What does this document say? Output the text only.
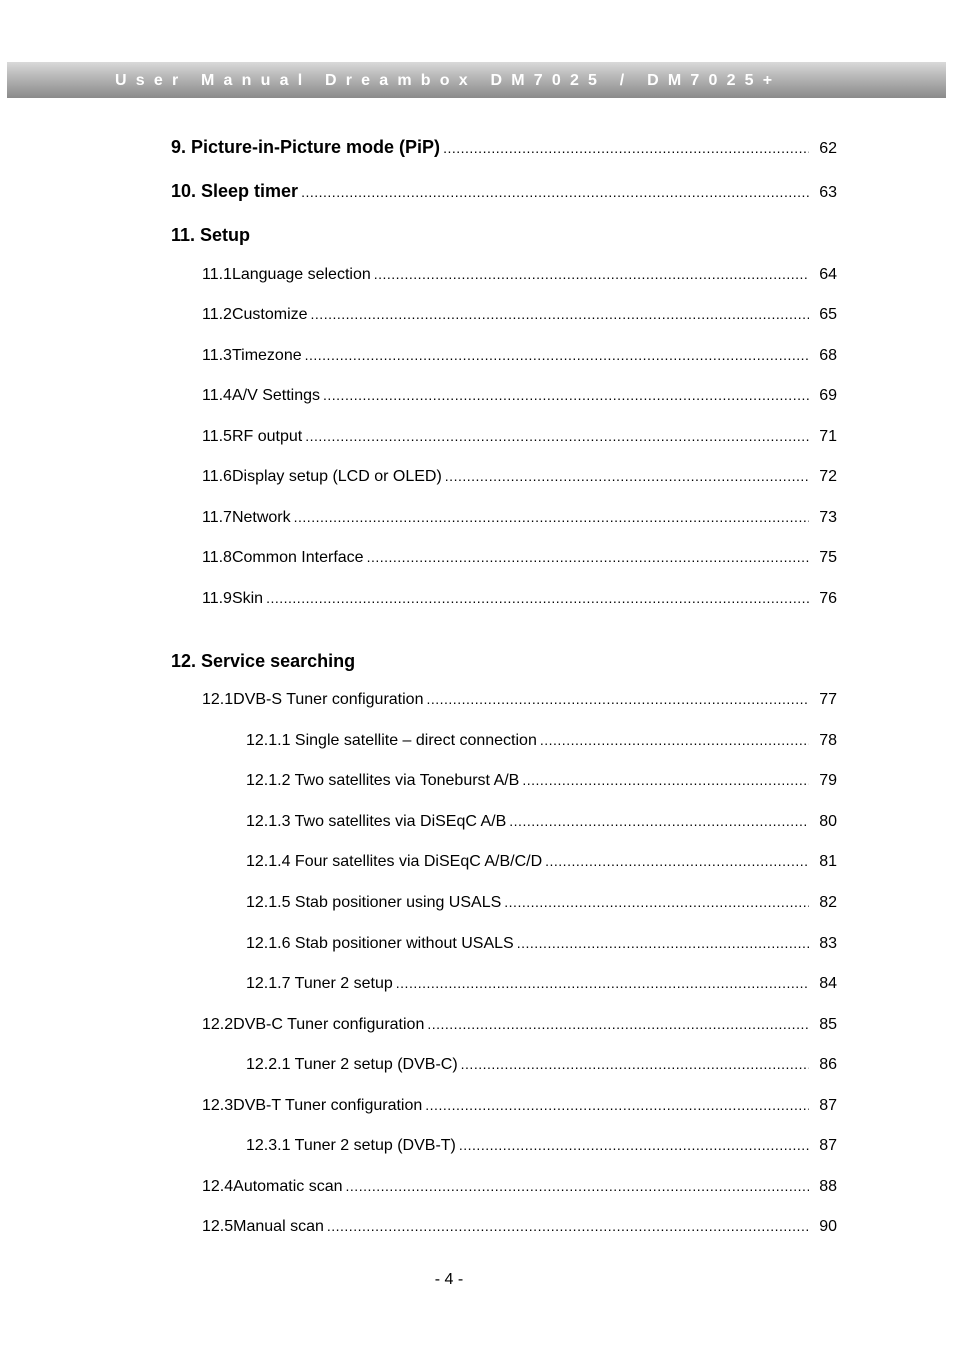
User Manual Dreambox DM7025 / DM7025+
9. Picture-in-Picture mode (PiP) .....	62
10. Sleep timer .....	63
11. Setup
11.1 Language selection .....	64
11.2 Customize .....	65
11.3 Timezone .....	68
11.4 A/V Settings .....	69
11.5 RF output .....	71
11.6 Display setup (LCD or OLED) .....	72
11.7 Network .....	73
11.8 Common Interface .....	75
11.9 Skin .....	76
12. Service searching
12.1 DVB-S Tuner configuration .....	77
12.1.1 Single satellite – direct connection .....	78
12.1.2 Two satellites via Toneburst A/B .....	79
12.1.3 Two satellites via DiSEqC A/B .....	80
12.1.4 Four satellites via DiSEqC A/B/C/D .....	81
12.1.5 Stab positioner using USALS .....	82
12.1.6 Stab positioner without USALS .....	83
12.1.7 Tuner 2 setup .....	84
12.2 DVB-C Tuner configuration .....	85
12.2.1 Tuner 2 setup (DVB-C) .....	86
12.3 DVB-T Tuner configuration .....	87
12.3.1 Tuner 2 setup (DVB-T) .....	87
12.4 Automatic scan .....	88
12.5 Manual scan .....	90
- 4 -
